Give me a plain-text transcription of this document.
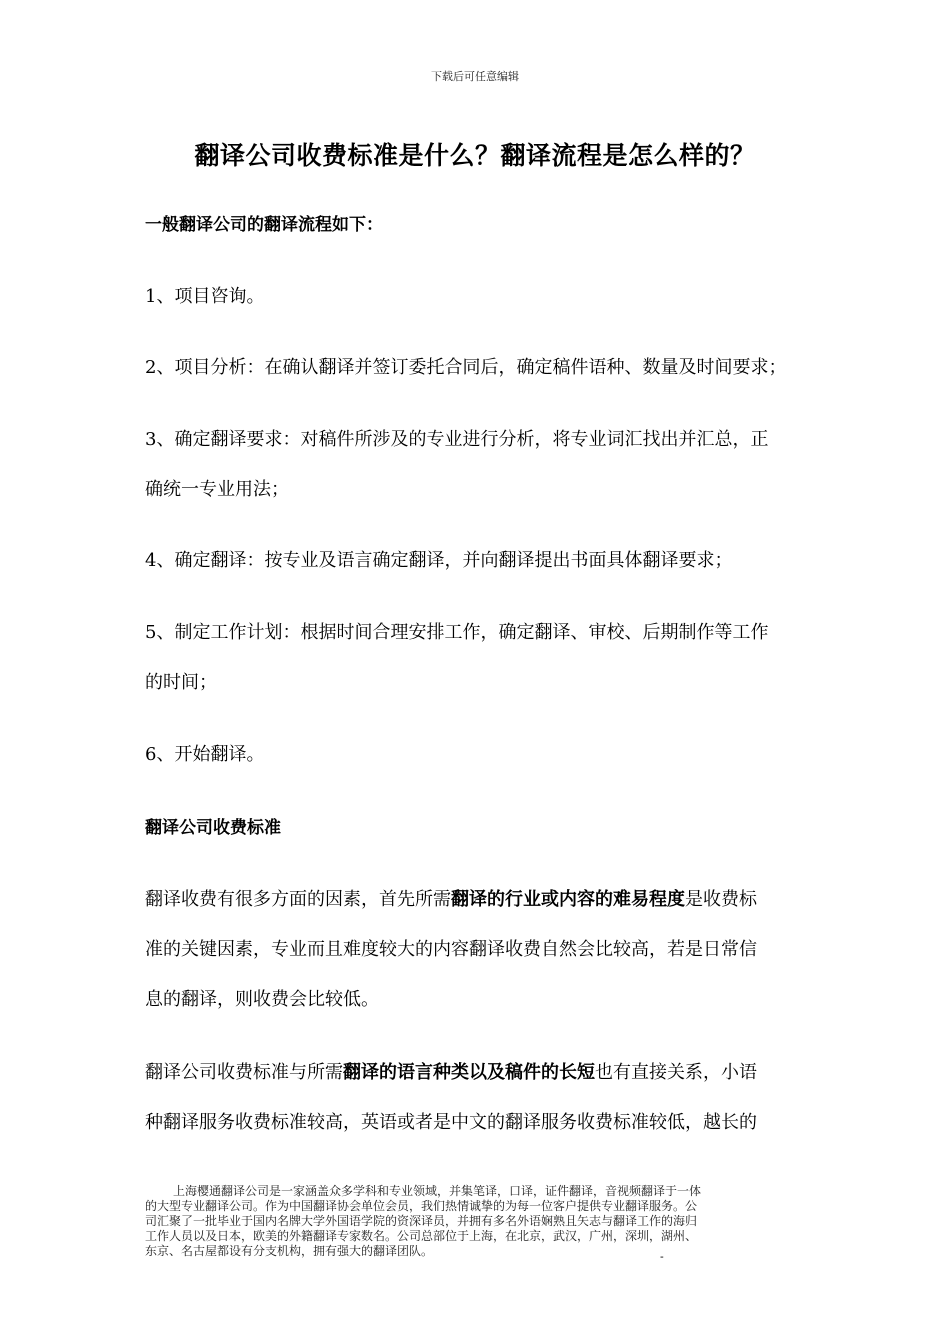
下载后可任意编辑
翻译公司收费标准是什么？翻译流程是怎么样的？
一般翻译公司的翻译流程如下：
1、项目咨询。
2、项目分析：在确认翻译并签订委托合同后，确定稿件语种、数量及时间要求；
3、确定翻译要求：对稿件所涉及的专业进行分析，将专业词汇找出并汇总，正
确统一专业用法；
4、确定翻译：按专业及语言确定翻译，并向翻译提出书面具体翻译要求；
5、制定工作计划：根据时间合理安排工作，确定翻译、审校、后期制作等工作
的时间；
6、开始翻译。
翻译公司收费标准
翻译收费有很多方面的因素，首先所需翻译的行业或内容的难易程度是收费标
准的关键因素，专业而且难度较大的内容翻译收费自然会比较高，若是日常信
息的翻译，则收费会比较低。
翻译公司收费标准与所需翻译的语言种类以及稿件的长短也有直接关系，小语
种翻译服务收费标准较高，英语或者是中文的翻译服务收费标准较低，越长的
上海樱通翻译公司是一家涵盖众多学科和专业领域，并集笔译，口译，证件翻译，音视频翻译于一体
的大型专业翻译公司。作为中国翻译协会单位会员，我们热情诚挚的为每一位客户提供专业翻译服务。公
司汇聚了一批毕业于国内名牌大学外国语学院的资深译员，并拥有多名外语娴熟且矢志与翻译工作的海归
工作人员以及日本，欧美的外籍翻译专家数名。公司总部位于上海，在北京，武汉，广州，深圳，湖州、
东京、名古屋都设有分支机构，拥有强大的翻译团队。	-
